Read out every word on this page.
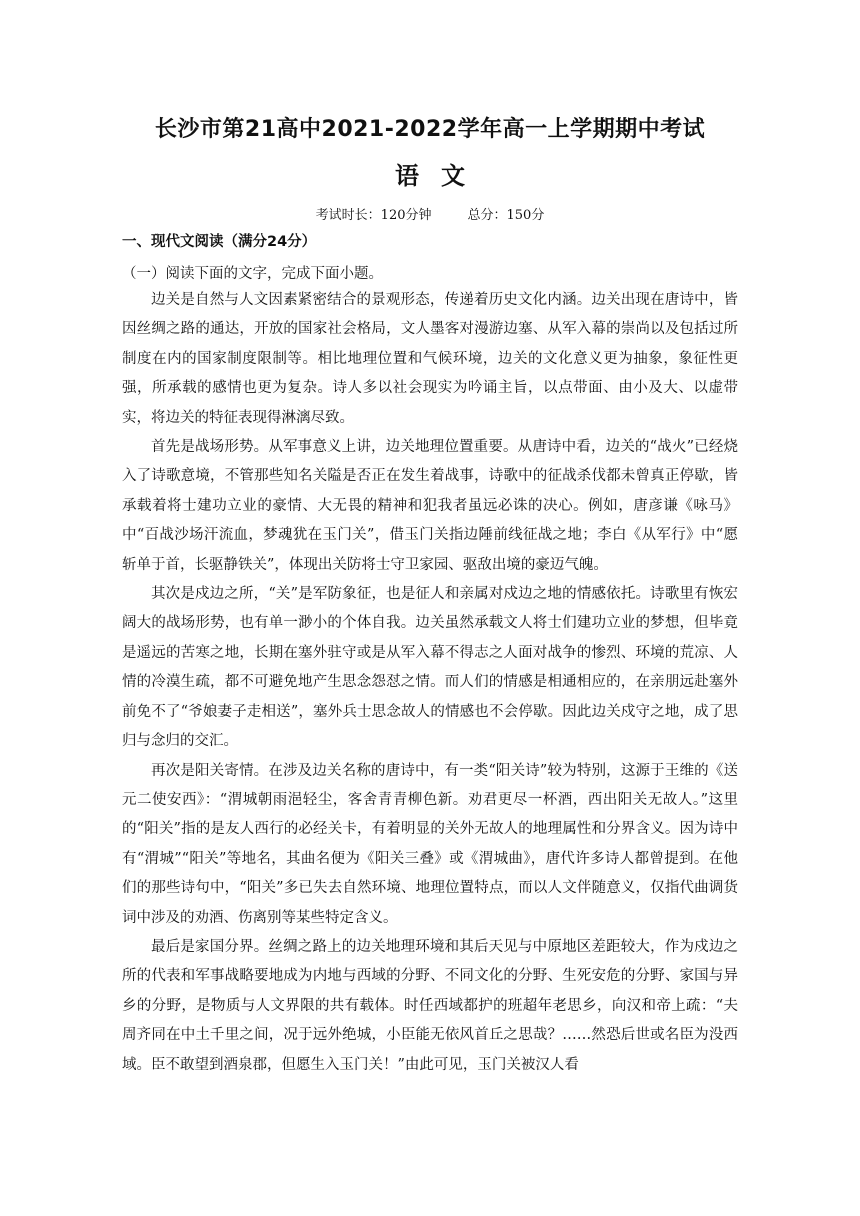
长沙市第21高中2021-2022学年高一上学期期中考试
语文
考试时长：120分钟	总分：150分
一、现代文阅读（满分24分）
（一）阅读下面的文字，完成下面小题。

边关是自然与人文因素紧密结合的景观形态，传递着历史文化内涵。边关出现在唐诗中，皆因丝绸之路的通达，开放的国家社会格局，文人墨客对漫游边塞、从军入幕的崇尚以及包括过所制度在内的国家制度限制等。相比地理位置和气候环境，边关的文化意义更为抽象，象征性更强，所承载的感情也更为复杂。诗人多以社会现实为吟诵主旨，以点带面、由小及大、以虚带实，将边关的特征表现得淋漓尽致。

首先是战场形势。从军事意义上讲，边关地理位置重要。从唐诗中看，边关的“战火”已经烧入了诗歌意境，不管那些知名关隘是否正在发生着战事，诗歌中的征战杀伐都未曾真正停歇，皆承载着将士建功立业的豪情、大无畏的精神和犯我者虽远必诛的决心。例如，唐彦谦《咏马》中“百战沙场汗流血，梦魂犹在玉门关”，借玉门关指边陲前线征战之地；李白《从军行》中“愿斩单于首，长驱静铁关”，体现出关防将士守卫家园、驱敌出境的豪迈气魄。

其次是戍边之所，“关”是军防象征，也是征人和亲属对戍边之地的情感依托。诗歌里有恢宏阔大的战场形势，也有单一渺小的个体自我。边关虽然承载文人将士们建功立业的梦想，但毕竟是遥远的苦寒之地，长期在塞外驻守或是从军入幕不得志之人面对战争的惨烈、环境的荒凉、人情的冷漠生疏，都不可避免地产生思念怨怼之情。而人们的情感是相通相应的，在亲朋远赴塞外前免不了“爷娘妻子走相送”，塞外兵士思念故人的情感也不会停歇。因此边关戍守之地，成了思归与念归的交汇。

再次是阳关寄情。在涉及边关名称的唐诗中，有一类“阳关诗”较为特别，这源于王维的《送元二使安西》：“渭城朝雨浥轻尘，客舍青青柳色新。劝君更尽一杯酒，西出阳关无故人。”这里的“阳关”指的是友人西行的必经关卡，有着明显的关外无故人的地理属性和分界含义。因为诗中有“渭城”“阳关”等地名，其曲名便为《阳关三叠》或《渭城曲》，唐代许多诗人都曾提到。在他们的那些诗句中，“阳关”多已失去自然环境、地理位置特点，而以人文伴随意义，仅指代曲调货词中涉及的劝酒、伤离别等某些特定含义。

最后是家国分界。丝绸之路上的边关地理环境和其后天见与中原地区差距较大，作为戍边之所的代表和军事战略要地成为内地与西域的分野、不同文化的分野、生死安危的分野、家国与异乡的分野，是物质与人文界限的共有载体。时任西域都护的班超年老思乡，向汉和帝上疏：“夫周齐同在中土千里之间，况于远外绝城，小臣能无依风首丘之思哉？……然恐后世或名臣为没西域。臣不敢望到酒泉郡，但愿生入玉门关！”由此可见，玉门关被汉人看
